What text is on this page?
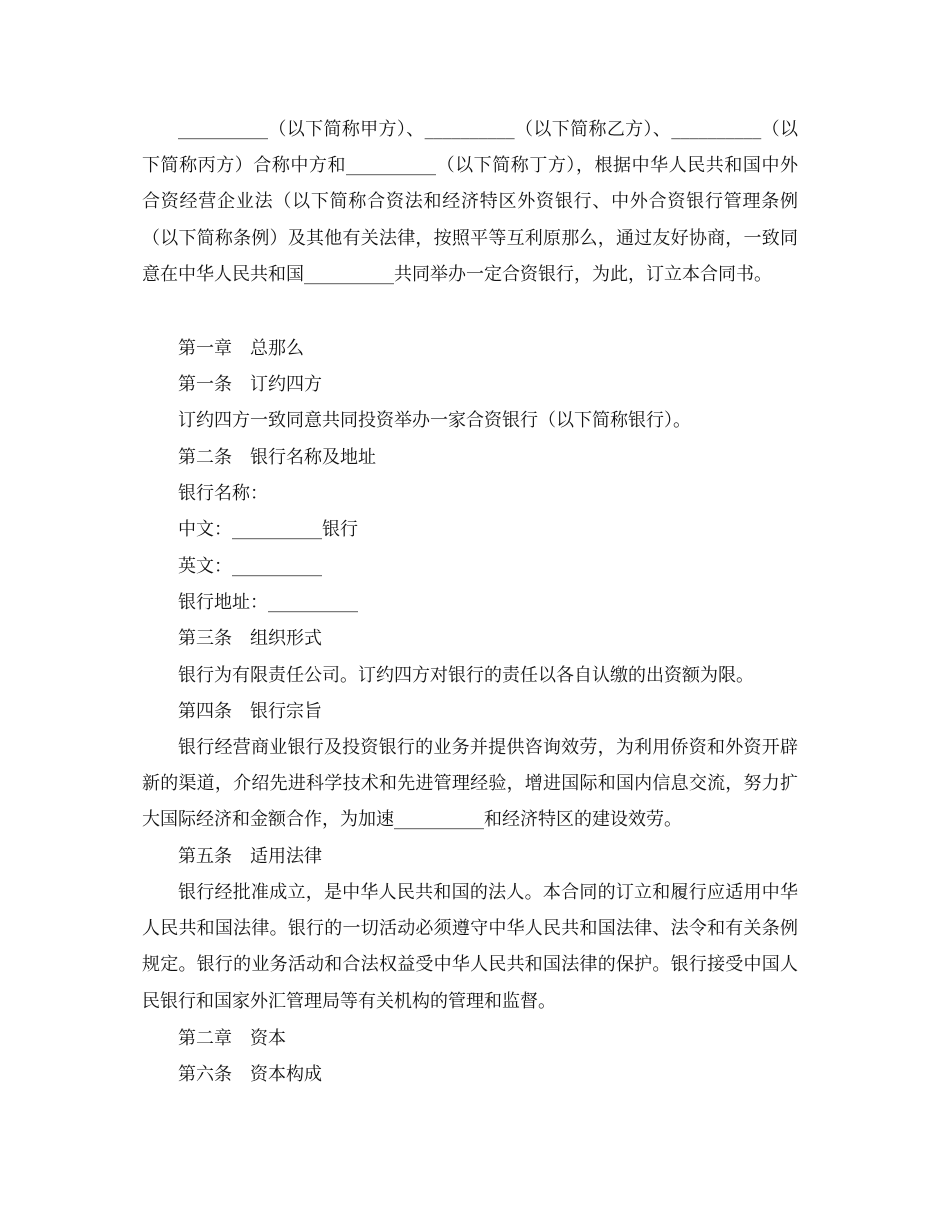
__________（以下简称甲方）、__________（以下简称乙方）、__________（以下简称丙方）合称中方和__________（以下简称丁方），根据中华人民共和国中外合资经营企业法（以下简称合资法和经济特区外资银行、中外合资银行管理条例（以下简称条例）及其他有关法律，按照平等互利原那么，通过友好协商，一致同意在中华人民共和国__________共同举办一定合资银行，为此，订立本合同书。

第一章 总那么

第一条 订约四方

订约四方一致同意共同投资举办一家合资银行（以下简称银行）。

第二条 银行名称及地址

银行名称：

中文：__________银行

英文：__________

银行地址：__________

第三条 组织形式

银行为有限责任公司。订约四方对银行的责任以各自认缴的出资额为限。

第四条 银行宗旨

银行经营商业银行及投资银行的业务并提供咨询效劳，为利用侨资和外资开辟新的渠道，介绍先进科学技术和先进管理经验，增进国际和国内信息交流，努力扩大国际经济和金额合作，为加速__________和经济特区的建设效劳。

第五条 适用法律

银行经批准成立，是中华人民共和国的法人。本合同的订立和履行应适用中华人民共和国法律。银行的一切活动必须遵守中华人民共和国法律、法令和有关条例规定。银行的业务活动和合法权益受中华人民共和国法律的保护。银行接受中国人民银行和国家外汇管理局等有关机构的管理和监督。

第二章 资本

第六条 资本构成
